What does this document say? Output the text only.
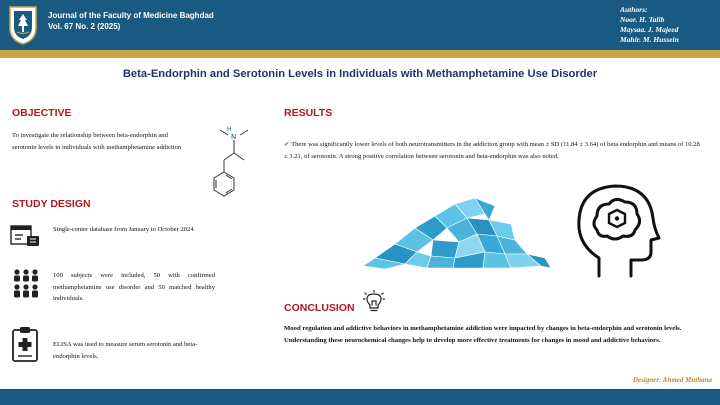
Journal of the Faculty of Medicine Baghdad
Vol. 67 No. 2 (2025)
Authors:
Noor. H. Talib
Maysaa. J. Majeed
Mahir. M. Hussein
Beta-Endorphin and Serotonin Levels in Individuals with Methamphetamine Use Disorder
OBJECTIVE
To investigate the relationship between beta-endorphin and serotonin levels in individuals with methamphetamine addiction
N
H
STUDY DESIGN
Single-center database from January to October 2024
100 subjects were included, 50 with confirmed methamphetamine use disorder and 50 matched healthy individuals.
ELISA was used to measure serum serotonin and beta-endorphin levels.
RESULTS
✔ There was significantly lower levels of both neurotransmitters in the addiction group with mean ± SD (11.84 ± 3.64) of beta endorphin and means of 10.28 ± 3.21, of serotonin. A strong positive correlation between serotonin and beta-endorphin was also noted.
CONCLUSION
Mood regulation and addictive behaviors in methamphetamine addiction were impacted by changes in beta-endorphin and serotonin levels. Understanding these neurochemical changes help to develop more effective treatments for changes in mood and addictive behaviors.
Designer: Ahmed Muthana
